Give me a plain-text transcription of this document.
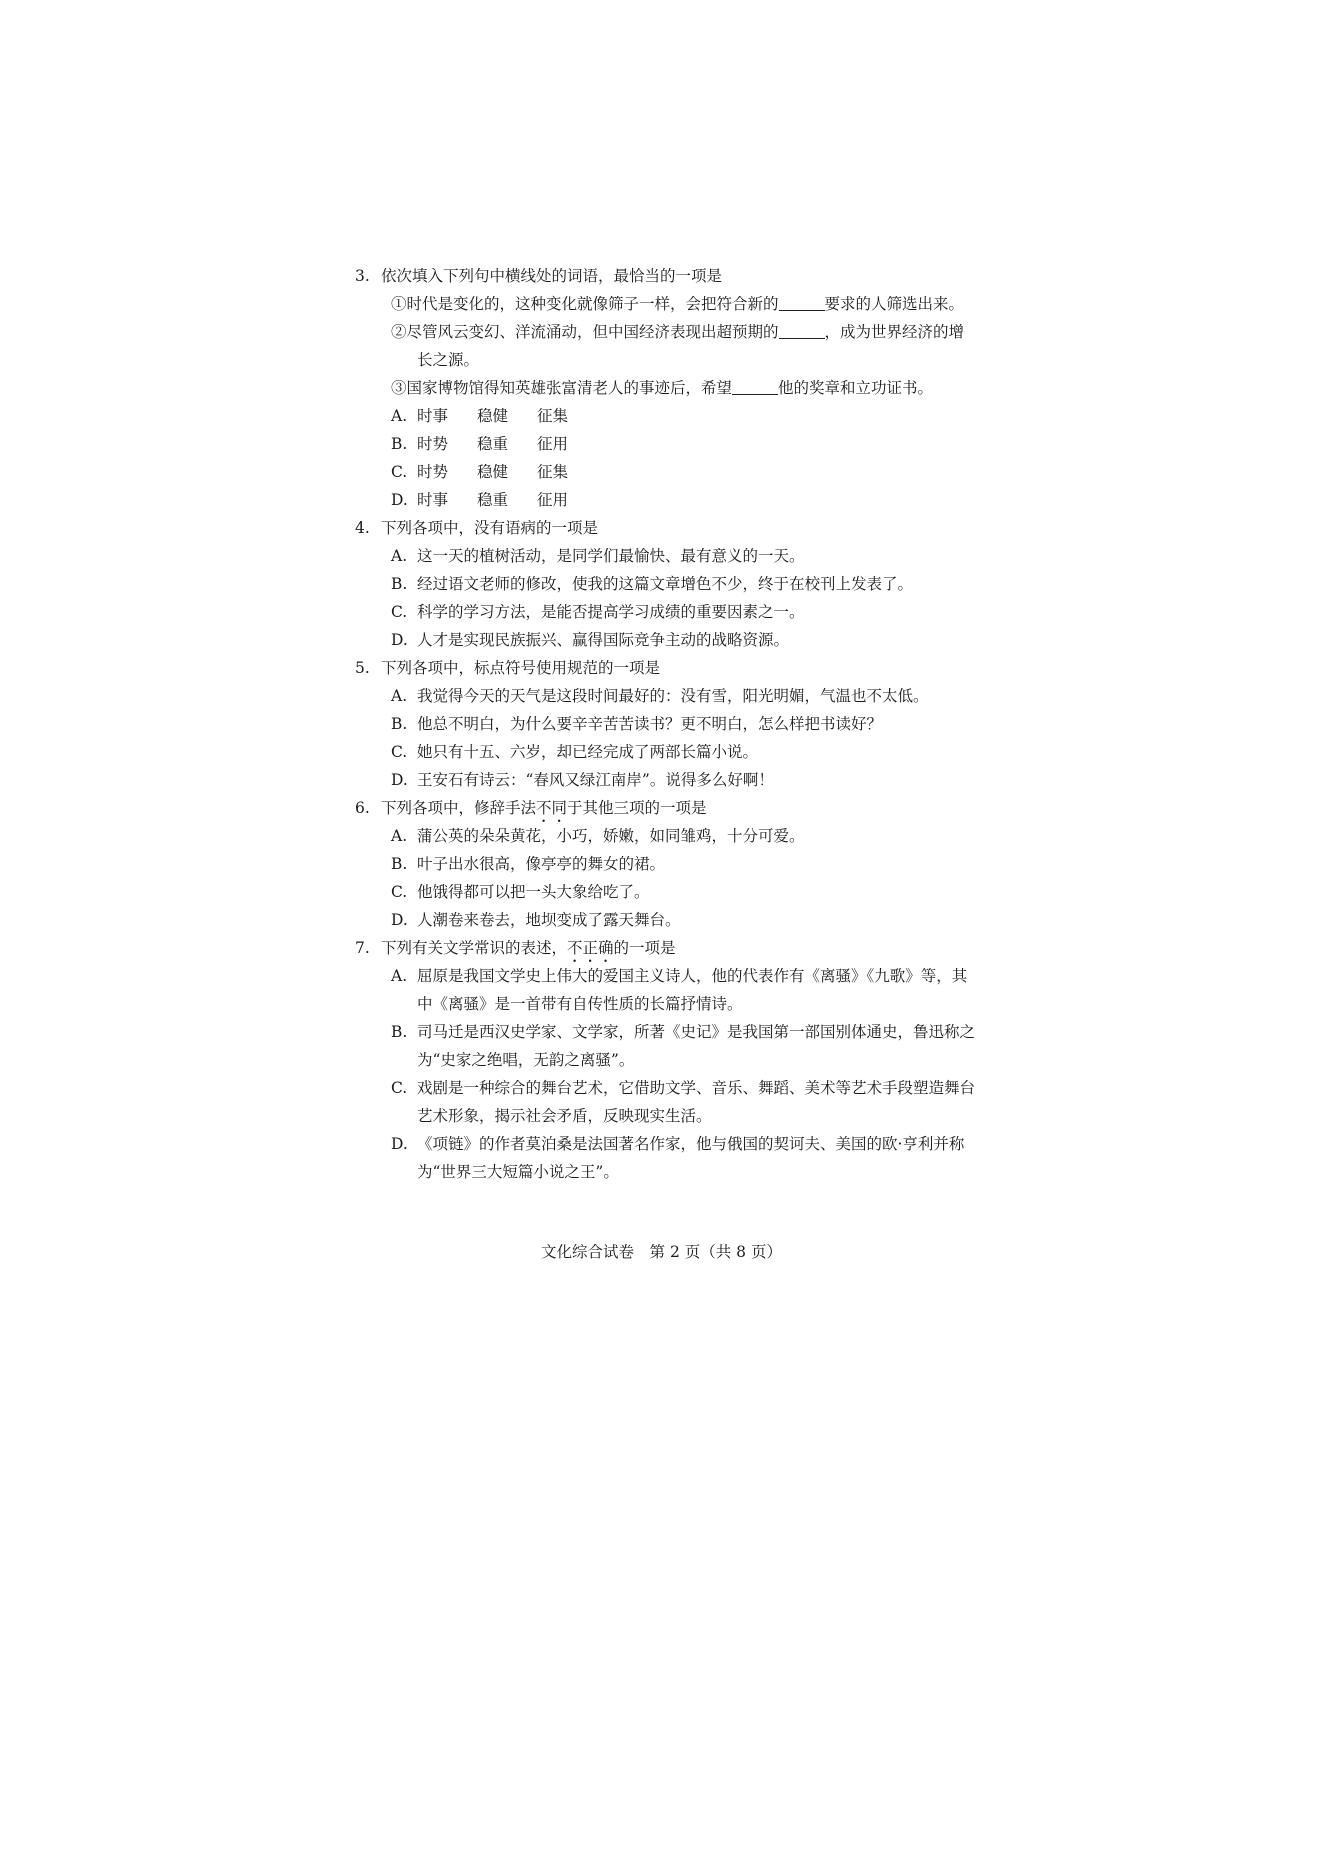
3. 依次填入下列句中横线处的词语，最恰当的一项是
①时代是变化的，这种变化就像筛子一样，会把符合新的	要求的人筛选出来。
②尽管风云变幻、洋流涌动，但中国经济表现出超预期的	，成为世界经济的增
长之源。
③国家博物馆得知英雄张富清老人的事迹后，希望	他的奖章和立功证书。
A. 时事 稳健 征集
B. 时势 稳重 征用
C. 时势 稳健 征集
D. 时事 稳重 征用
4. 下列各项中，没有语病的一项是
A. 这一天的植树活动，是同学们最愉快、最有意义的一天。
B. 经过语文老师的修改，使我的这篇文章增色不少，终于在校刊上发表了。
C. 科学的学习方法，是能否提高学习成绩的重要因素之一。
D. 人才是实现民族振兴、赢得国际竞争主动的战略资源。
5. 下列各项中，标点符号使用规范的一项是
A. 我觉得今天的天气是这段时间最好的：没有雪，阳光明媚，气温也不太低。
B. 他总不明白，为什么要辛辛苦苦读书？更不明白，怎么样把书读好？
C. 她只有十五、六岁，却已经完成了两部长篇小说。
D. 王安石有诗云：“春风又绿江南岸”。说得多么好啊！
6. 下列各项中，修辞手法不同于其他三项的一项是
A. 蒲公英的朵朵黄花，小巧，娇嫩，如同雏鸡，十分可爱。
B. 叶子出水很高，像亭亭的舞女的裙。
C. 他饿得都可以把一头大象给吃了。
D. 人潮卷来卷去，地坝变成了露天舞台。
7. 下列有关文学常识的表述，不正确的一项是
A. 屈原是我国文学史上伟大的爱国主义诗人，他的代表作有《离骚》《九歌》等，其
中《离骚》是一首带有自传性质的长篇抒情诗。
B. 司马迁是西汉史学家、文学家，所著《史记》是我国第一部国别体通史，鲁迅称之
为“史家之绝唱，无韵之离骚”。
C. 戏剧是一种综合的舞台艺术，它借助文学、音乐、舞蹈、美术等艺术手段塑造舞台
艺术形象，揭示社会矛盾，反映现实生活。
D. 《项链》的作者莫泊桑是法国著名作家，他与俄国的契诃夫、美国的欧·亨利并称
为“世界三大短篇小说之王”。
文化综合试卷　第 2 页（共 8 页）
